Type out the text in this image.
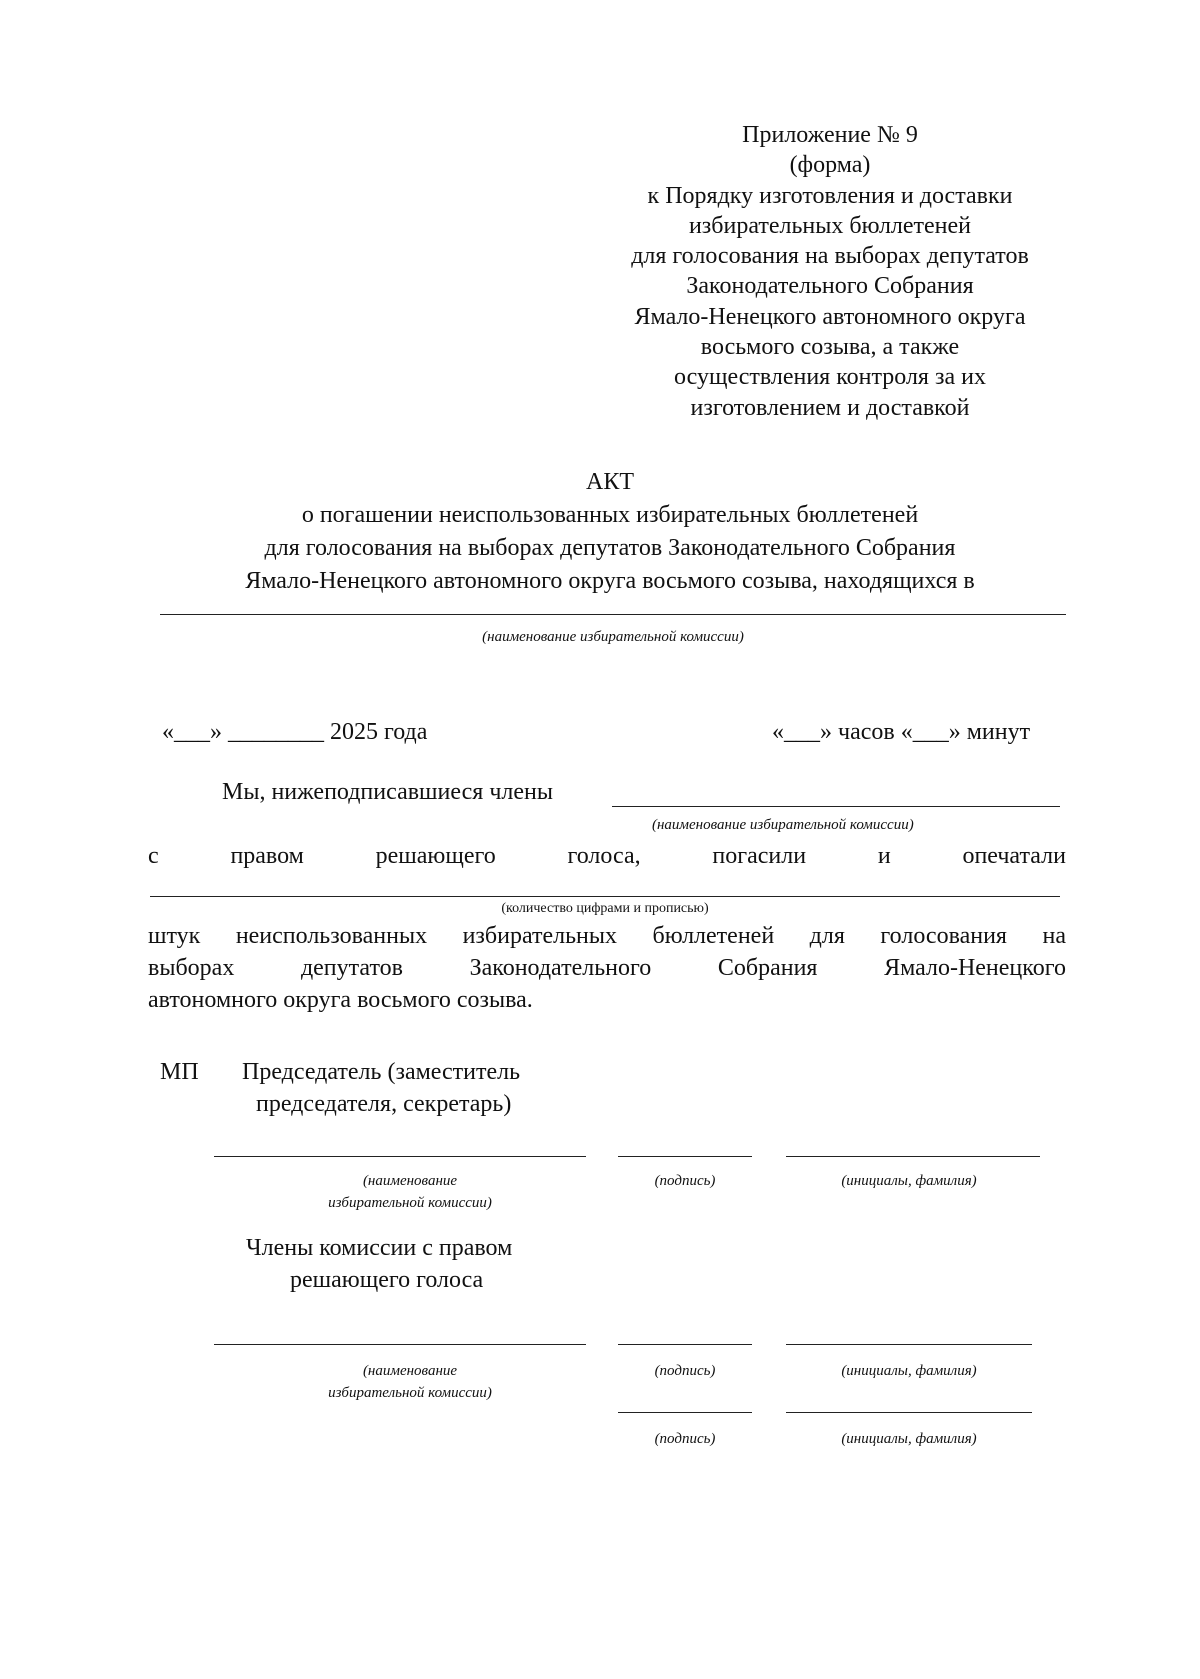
Приложение № 9
(форма)
к Порядку изготовления и доставки
избирательных бюллетеней
для голосования на выборах депутатов
Законодательного Собрания
Ямало-Ненецкого автономного округа
восьмого созыва, а также
осуществления контроля за их
изготовлением и доставкой
АКТ
о погашении неиспользованных избирательных бюллетеней
для голосования на выборах депутатов Законодательного Собрания
Ямало-Ненецкого автономного округа восьмого созыва, находящихся в
(наименование избирательной комиссии)
«___» ________ 2025 года	«___» часов «___» минут
Мы, нижеподписавшиеся члены
(наименование избирательной комиссии)
с	правом	решающего	голоса,	погасили	и	опечатали
(количество цифрами и прописью)
штук неиспользованных избирательных бюллетеней для голосования на
выборах	депутатов	Законодательного	Собрания	Ямало-Ненецкого
автономного округа восьмого созыва.
МП Председатель (заместитель
председателя, секретарь)
(наименование
избирательной комиссии)
(подпись)	(инициалы, фамилия)
Члены комиссии с правом
решающего голоса
(наименование
избирательной комиссии)
(подпись)	(инициалы, фамилия)
(подпись)	(инициалы, фамилия)
